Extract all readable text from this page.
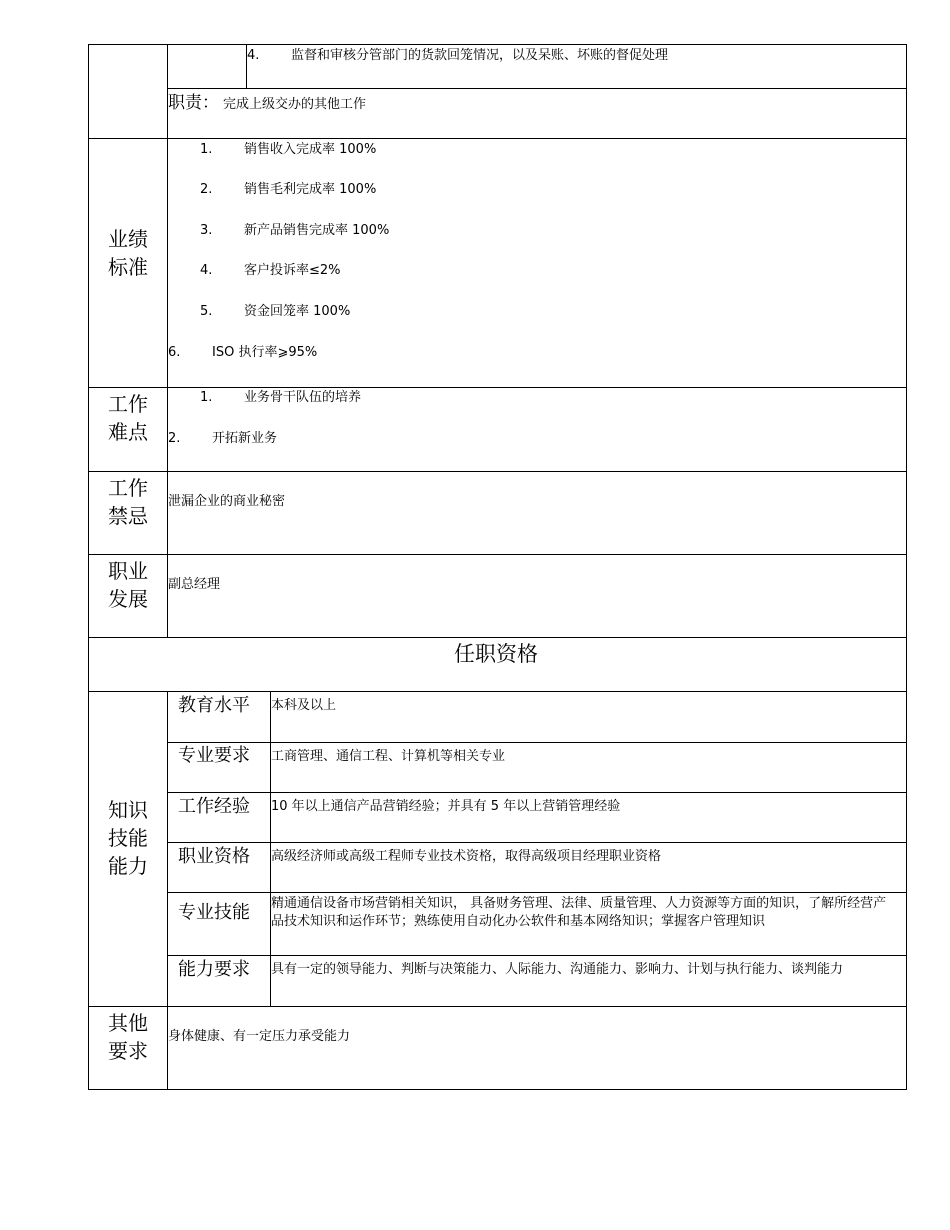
4. 监督和审核分管部门的货款回笼情况，以及呆账、坏账的督促处理
职责： 完成上级交办的其他工作
业绩
标准
1. 销售收入完成率 100%
2. 销售毛利完成率 100%
3. 新产品销售完成率 100%
4. 客户投诉率≤2%
5. 资金回笼率 100%
6. ISO 执行率⩾95%
工作
难点
1. 业务骨干队伍的培养
2. 开拓新业务
工作
禁忌
泄漏企业的商业秘密
职业
发展
副总经理
任职资格
知识
技能
能力
教育水平 本科及以上
专业要求 工商管理、通信工程、计算机等相关专业
工作经验 10 年以上通信产品营销经验；并具有 5 年以上营销管理经验
职业资格 高级经济师或高级工程师专业技术资格，取得高级项目经理职业资格
专业技能 精通通信设备市场营销相关知识， 具备财务管理、法律、质量管理、人力资源等方面的知识，了解所经营产品技术知识和运作环节；熟练使用自动化办公软件和基本网络知识；掌握客户管理知识
能力要求 具有一定的领导能力、判断与决策能力、人际能力、沟通能力、影响力、计划与执行能力、谈判能力
其他
要求
身体健康、有一定压力承受能力
